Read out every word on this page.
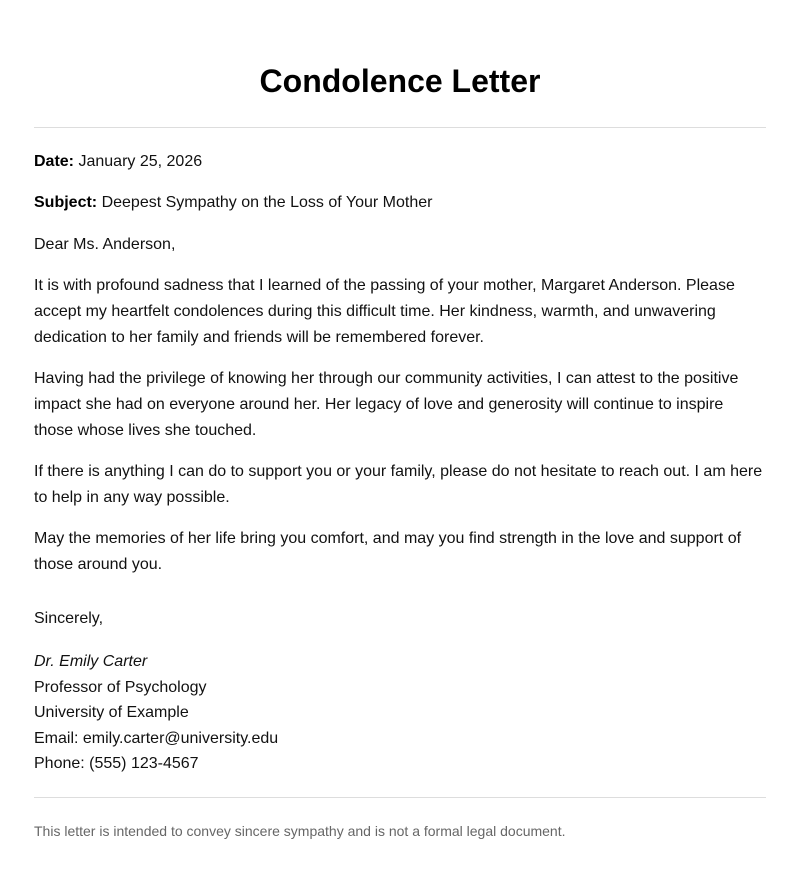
Condolence Letter

Date: January 25, 2026

Subject: Deepest Sympathy on the Loss of Your Mother

Dear Ms. Anderson,

It is with profound sadness that I learned of the passing of your mother, Margaret Anderson. Please accept my heartfelt condolences during this difficult time. Her kindness, warmth, and unwavering dedication to her family and friends will be remembered forever.

Having had the privilege of knowing her through our community activities, I can attest to the positive impact she had on everyone around her. Her legacy of love and generosity will continue to inspire those whose lives she touched.

If there is anything I can do to support you or your family, please do not hesitate to reach out. I am here to help in any way possible.

May the memories of her life bring you comfort, and may you find strength in the love and support of those around you.

Sincerely,

Dr. Emily Carter
Professor of Psychology
University of Example
Email: emily.carter@university.edu
Phone: (555) 123-4567
This letter is intended to convey sincere sympathy and is not a formal legal document.
